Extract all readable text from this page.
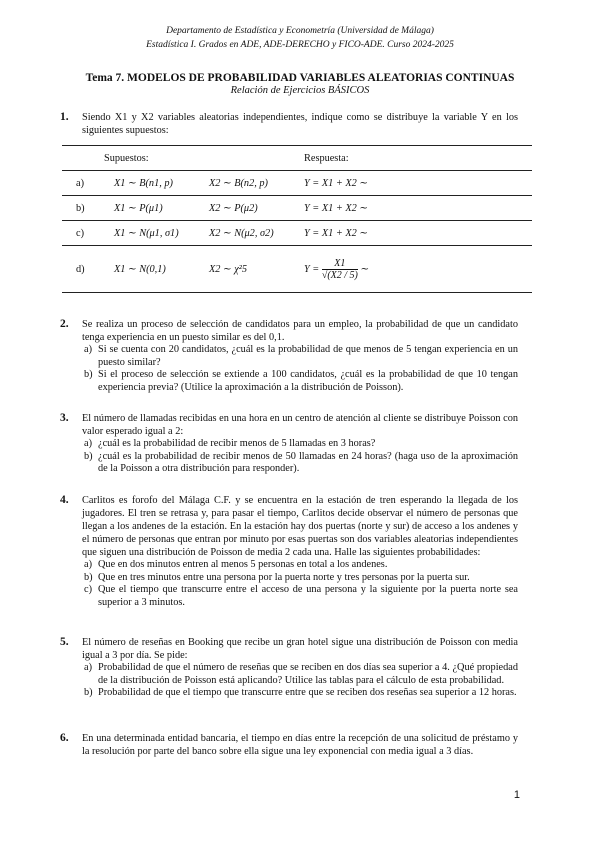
Departamento de Estadística y Econometría (Universidad de Málaga)
Estadística I. Grados en ADE, ADE-DERECHO y FICO-ADE. Curso 2024-2025
Tema 7. MODELOS DE PROBABILIDAD VARIABLES ALEATORIAS CONTINUAS
Relación de Ejercicios BÁSICOS
1. Siendo X1 y X2 variables aleatorias independientes, indique como se distribuye la variable Y en los siguientes supuestos:

Supuestos:			Respuesta:
a)	X1 ∼ B(n1, p)	X2 ∼ B(n2, p)	Y = X1 + X2 ∼
b)	X1 ∼ P(μ1)	X2 ∼ P(μ2)	Y = X1 + X2 ∼
c)	X1 ∼ N(μ1, σ1)	X2 ∼ N(μ2, σ2)	Y = X1 + X2 ∼
d)	X1 ∼ N(0,1)	X2 ∼ χ²5	$Y = \frac{X1}{√(X2 / 5)}$ ∼
2. Se realiza un proceso de selección de candidatos para un empleo, la probabilidad de que un candidato tenga experiencia en un puesto similar es del 0,1.

a) Si se cuenta con 20 candidatos, ¿cuál es la probabilidad de que menos de 5 tengan experiencia en un puesto similar?

b) Si el proceso de selección se extiende a 100 candidatos, ¿cuál es la probabilidad de que 10 tengan experiencia previa? (Utilice la aproximación a la distribución de Poisson).

3. El número de llamadas recibidas en una hora en un centro de atención al cliente se distribuye Poisson con valor esperado igual a 2:

a) ¿cuál es la probabilidad de recibir menos de 5 llamadas en 3 horas?

b) ¿cuál es la probabilidad de recibir menos de 50 llamadas en 24 horas? (haga uso de la aproximación de la Poisson a otra distribución para responder).

4. Carlitos es forofo del Málaga C.F. y se encuentra en la estación de tren esperando la llegada de los jugadores. El tren se retrasa y, para pasar el tiempo, Carlitos decide observar el número de personas que llegan a los andenes de la estación. En la estación hay dos puertas (norte y sur) de acceso a los andenes y el número de personas que entran por minuto por esas puertas son dos variables aleatorias independientes que siguen una distribución de Poisson de media 2 cada una. Halle las siguientes probabilidades:

a) Que en dos minutos entren al menos 5 personas en total a los andenes.

b) Que en tres minutos entre una persona por la puerta norte y tres personas por la puerta sur.

c) Que el tiempo que transcurre entre el acceso de una persona y la siguiente por la puerta norte sea superior a 3 minutos.

5. El número de reseñas en Booking que recibe un gran hotel sigue una distribución de Poisson con media igual a 3 por día. Se pide:

a) Probabilidad de que el número de reseñas que se reciben en dos días sea superior a 4. ¿Qué propiedad de la distribución de Poisson está aplicando? Utilice las tablas para el cálculo de esta probabilidad.

b) Probabilidad de que el tiempo que transcurre entre que se reciben dos reseñas sea superior a 12 horas.

6. En una determinada entidad bancaria, el tiempo en días entre la recepción de una solicitud de préstamo y la resolución por parte del banco sobre ella sigue una ley exponencial con media igual a 3 días.

1
